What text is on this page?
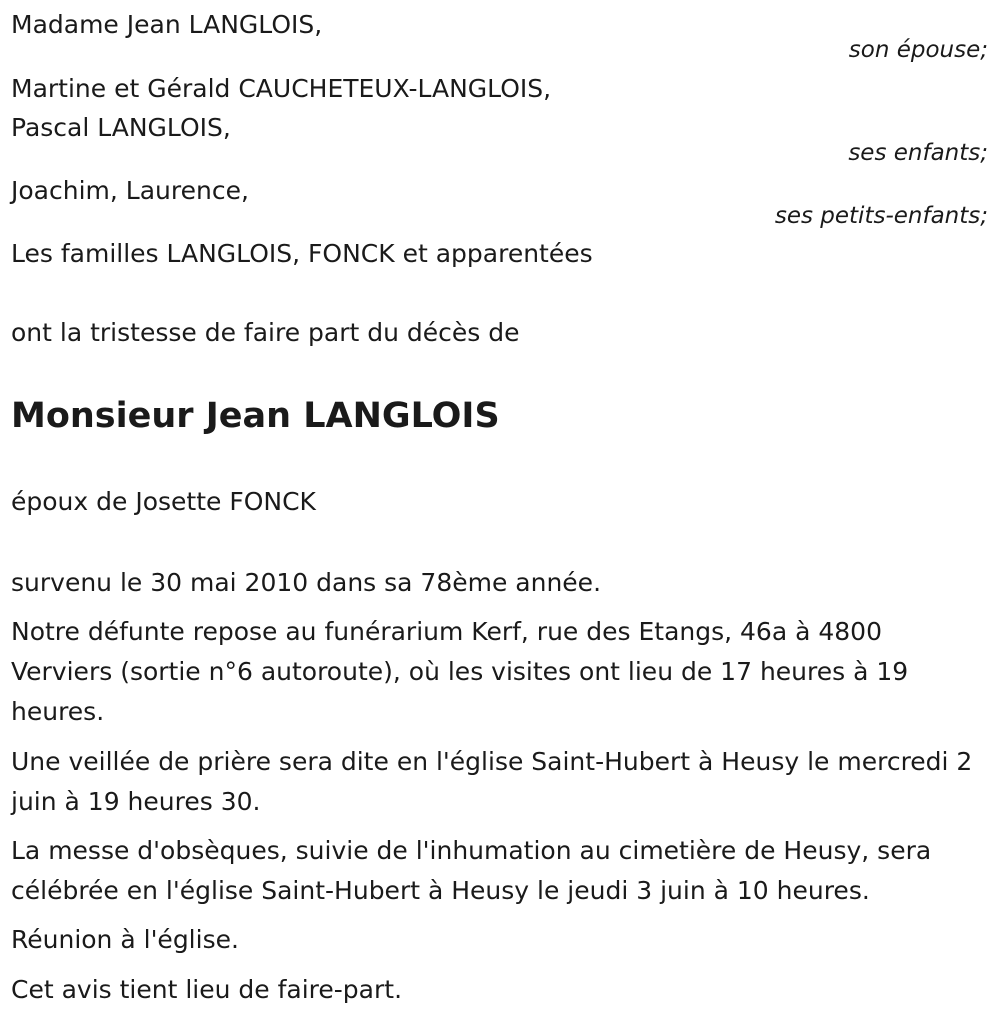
Madame Jean LANGLOIS,
son épouse;
Martine et Gérald CAUCHETEUX-LANGLOIS,
Pascal LANGLOIS,
ses enfants;
Joachim, Laurence,
ses petits-enfants;
Les familles LANGLOIS, FONCK et apparentées
ont la tristesse de faire part du décès de
Monsieur Jean LANGLOIS
époux de Josette FONCK
survenu le 30 mai 2010 dans sa 78ème année.
Notre défunte repose au funérarium Kerf, rue des Etangs, 46a à 4800 Verviers (sortie n°6 autoroute), où les visites ont lieu de 17 heures à 19 heures.
Une veillée de prière sera dite en l'église Saint-Hubert à Heusy le mercredi 2 juin à 19 heures 30.
La messe d'obsèques, suivie de l'inhumation au cimetière de Heusy, sera célébrée en l'église Saint-Hubert à Heusy le jeudi 3 juin à 10 heures.
Réunion à l'église.
Cet avis tient lieu de faire-part.
